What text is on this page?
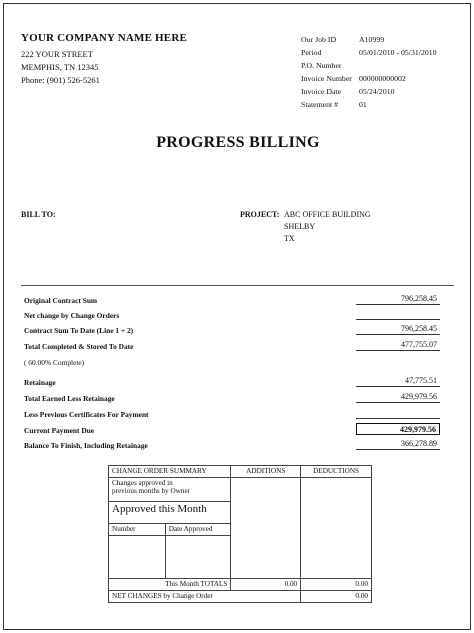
YOUR COMPANY NAME HERE
222 YOUR STREET
MEMPHIS, TN 12345
Phone: (901) 526-5261
Our Job ID	A10999
Period	05/01/2010 - 05/31/2010
P.O. Number
Invoice Number 000000000002
Invoice Date 05/24/2010
Statement #	01
PROGRESS BILLING
BILL TO:	PROJECT: ABC OFFICE BUILDING
SHELBY
TX
Original Contract Sum	796,258.45
Net change by Change Orders
Contract Sum To Date (Line 1 + 2)	796,258.45
Total Completed & Stored To Date	477,755.07
( 60.00% Complete)
Retainage	47,775.51
Total Earned Less Retainage	429,979.56
Less Previous Certificates For Payment
Current Payment Due	429,979.56
Balance To Finish, Including Retainage	366,278.89
CHANGE ORDER SUMMARY		ADDITIONS	DEDUCTIONS

Changes approved in
previous months by Owner			

Approved this Month			
Number	Date Approved		

This Month TOTALS		0.00	0.00
NET CHANGES by Change Order			0.00
